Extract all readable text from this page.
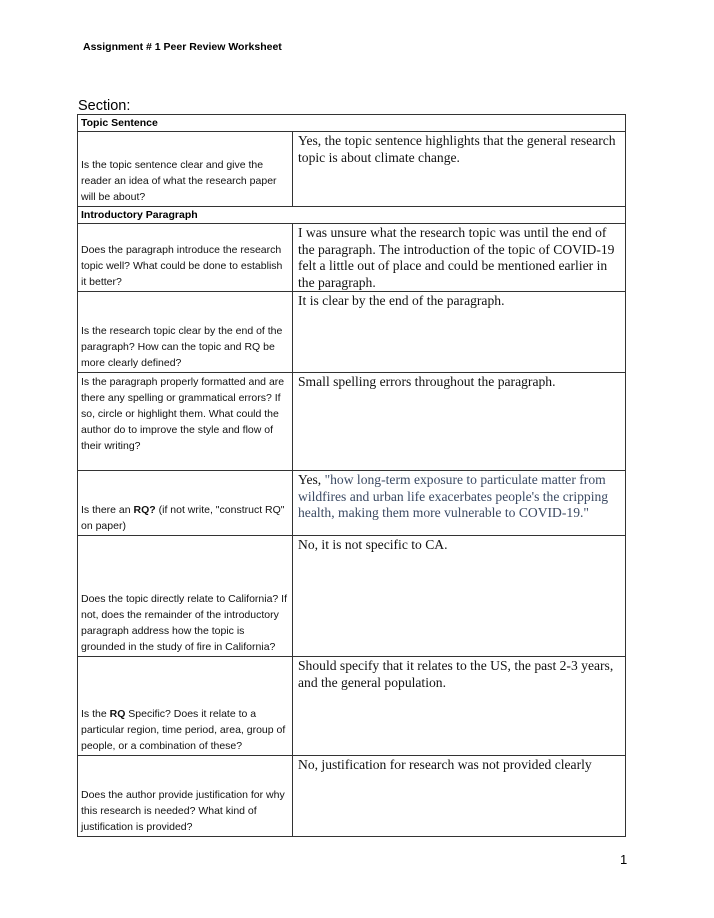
Assignment # 1 Peer Review Worksheet
Section:
Topic Sentence	
Is the topic sentence clear and give the reader an idea of what the research paper will be about?	Yes, the topic sentence highlights that the general research topic is about climate change.
Introductory Paragraph	
Does the paragraph introduce the research topic well? What could be done to establish it better?	I was unsure what the research topic was until the end of the paragraph. The introduction of the topic of COVID-19 felt a little out of place and could be mentioned earlier in the paragraph.
Is the research topic clear by the end of the paragraph? How can the topic and RQ be more clearly defined?	It is clear by the end of the paragraph.
Is the paragraph properly formatted and are there any spelling or grammatical errors? If so, circle or highlight them. What could the author do to improve the style and flow of their writing?	Small spelling errors throughout the paragraph.
Is there an RQ? (if not write, "construct RQ" on paper)	Yes, "how long-term exposure to particulate matter from wildfires and urban life exacerbates people's the cripping health, making them more vulnerable to COVID-19."
Does the topic directly relate to California? If not, does the remainder of the introductory paragraph address how the topic is grounded in the study of fire in California?	No, it is not specific to CA.
Is the RQ Specific? Does it relate to a particular region, time period, area, group of people, or a combination of these?	Should specify that it relates to the US, the past 2-3 years, and the general population.
Does the author provide justification for why this research is needed? What kind of justification is provided?	No, justification for research was not provided clearly
1
